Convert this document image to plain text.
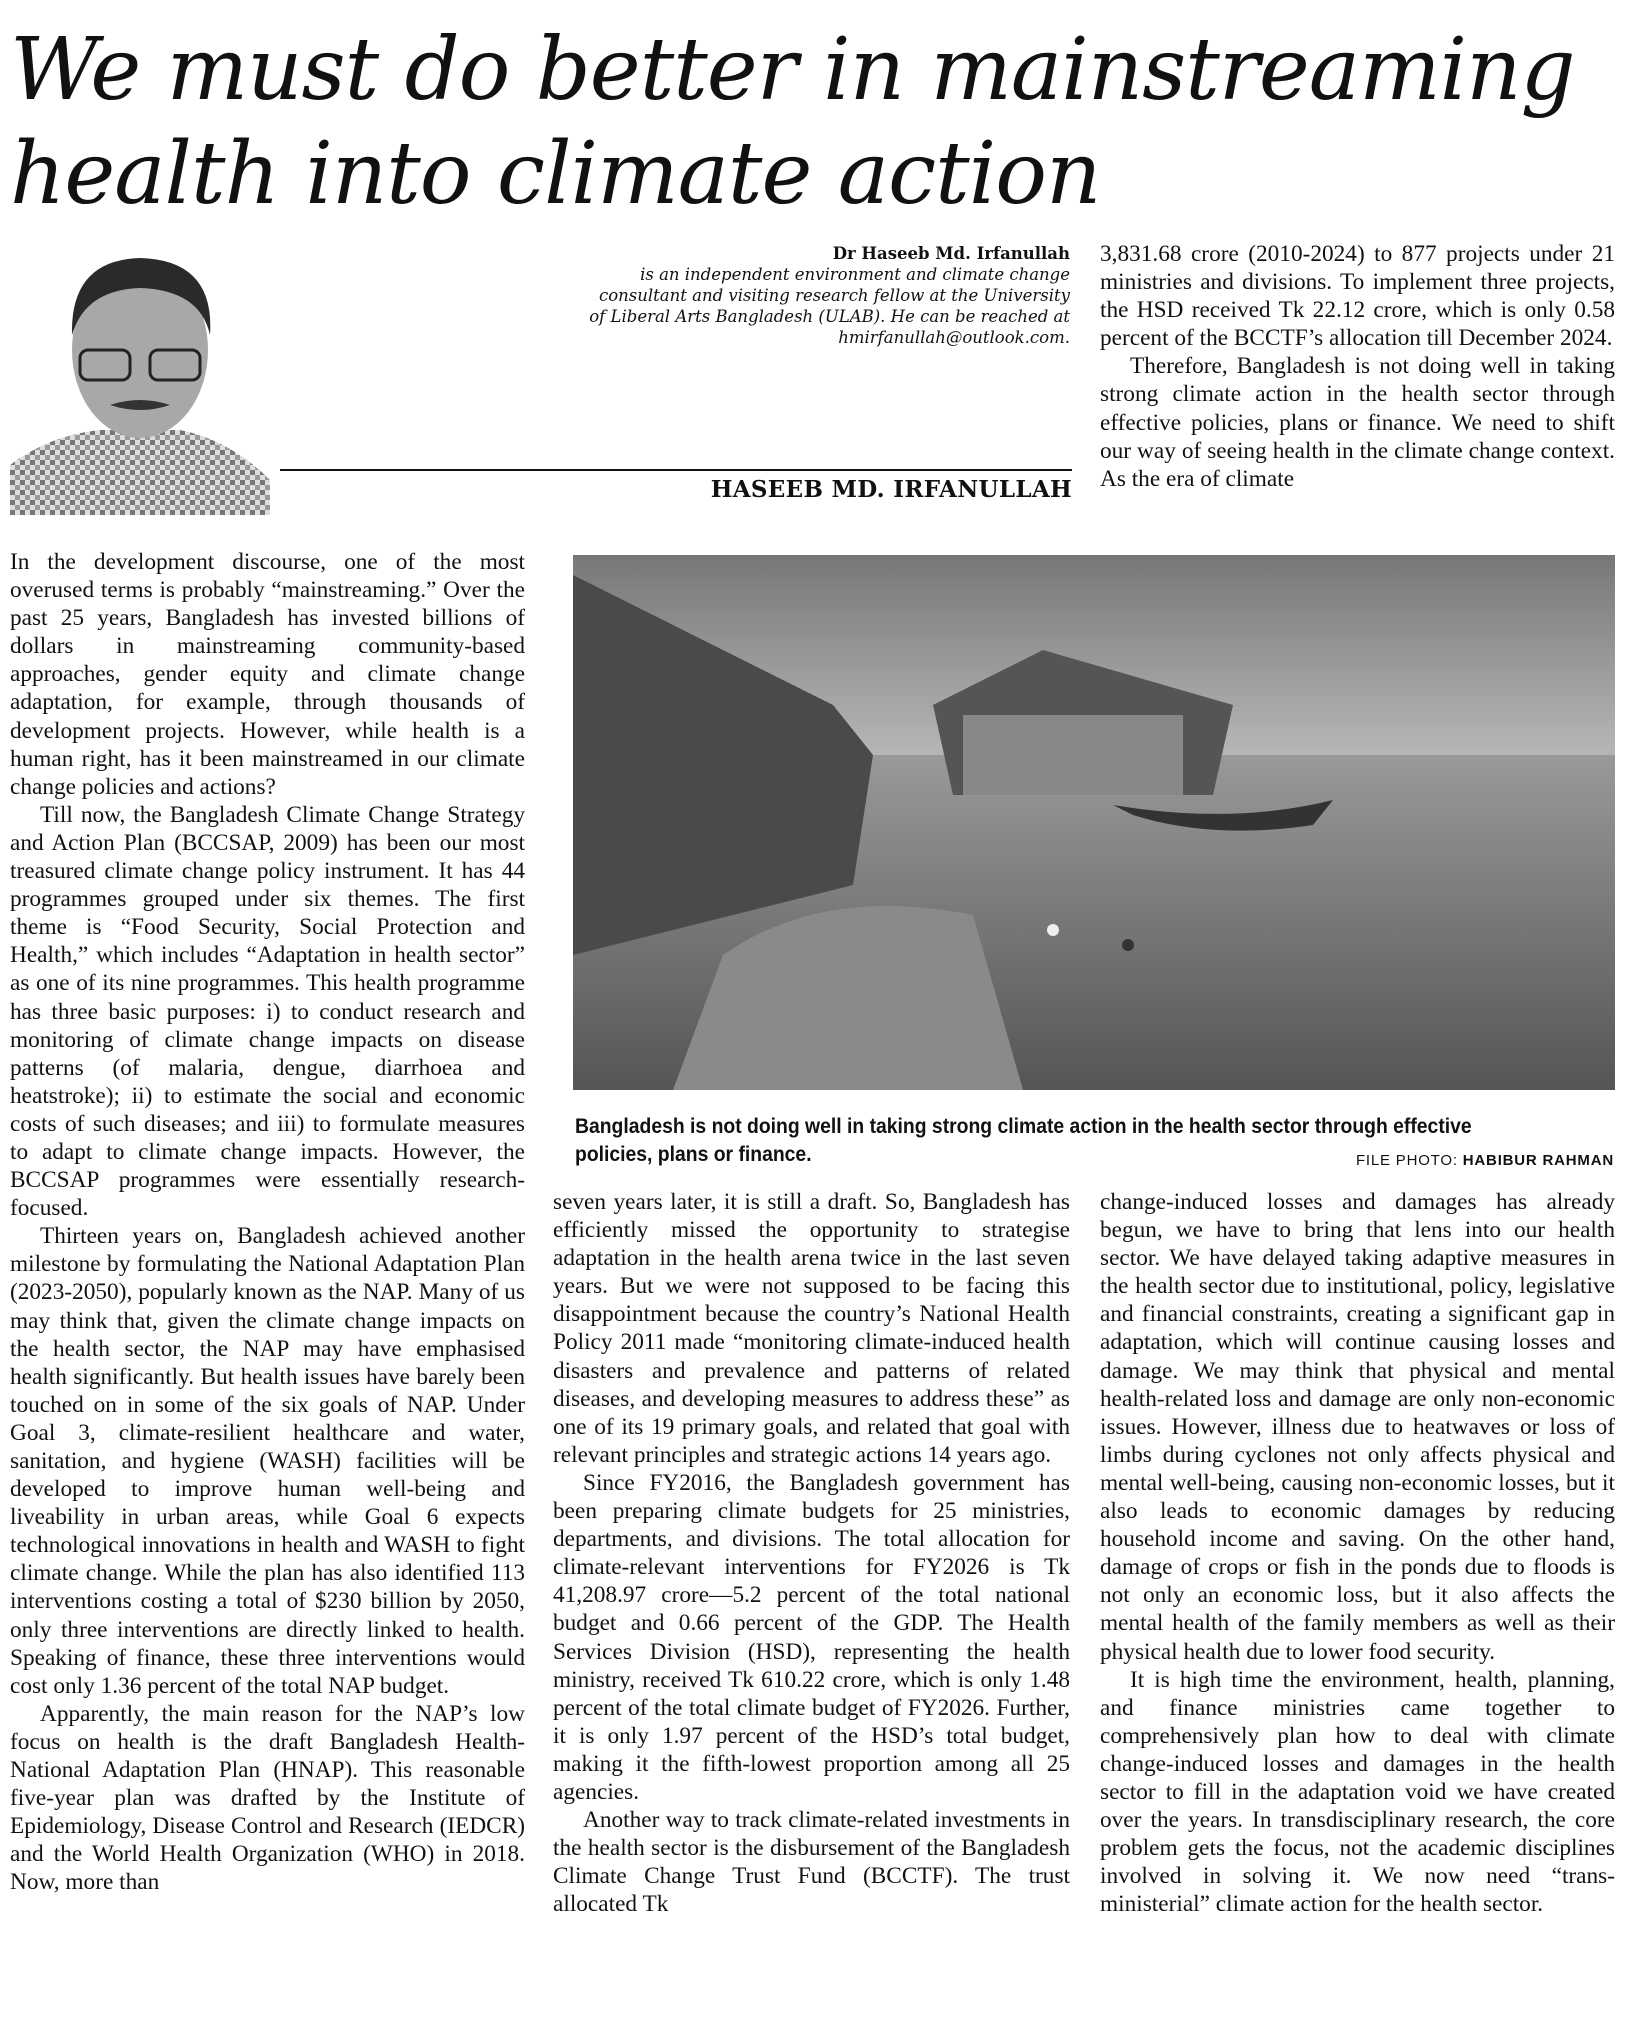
We must do better in mainstreaming health into climate action
Dr Haseeb Md. Irfanullah
is an independent environment and climate change consultant and visiting research fellow at the University of Liberal Arts Bangladesh (ULAB). He can be reached at hmirfanullah@outlook.com.
HASEEB MD. IRFANULLAH

3,831.68 crore (2010-2024) to 877 projects under 21 ministries and divisions. To implement three projects, the HSD received Tk 22.12 crore, which is only 0.58 percent of the BCCTF’s allocation till December 2024.

Therefore, Bangladesh is not doing well in taking strong climate action in the health sector through effective policies, plans or finance. We need to shift our way of seeing health in the climate change context. As the era of climate

Bangladesh is not doing well in taking strong climate action in the health sector through effective policies, plans or finance.	FILE PHOTO: HABIBUR RAHMAN

In the development discourse, one of the most overused terms is probably “mainstreaming.” Over the past 25 years, Bangladesh has invested billions of dollars in mainstreaming community-based approaches, gender equity and climate change adaptation, for example, through thousands of development projects. However, while health is a human right, has it been mainstreamed in our climate change policies and actions?

Till now, the Bangladesh Climate Change Strategy and Action Plan (BCCSAP, 2009) has been our most treasured climate change policy instrument. It has 44 programmes grouped under six themes. The first theme is “Food Security, Social Protection and Health,” which includes “Adaptation in health sector” as one of its nine programmes. This health programme has three basic purposes: i) to conduct research and monitoring of climate change impacts on disease patterns (of malaria, dengue, diarrhoea and heatstroke); ii) to estimate the social and economic costs of such diseases; and iii) to formulate measures to adapt to climate change impacts. However, the BCCSAP programmes were essentially research-focused.

Thirteen years on, Bangladesh achieved another milestone by formulating the National Adaptation Plan (2023-2050), popularly known as the NAP. Many of us may think that, given the climate change impacts on the health sector, the NAP may have emphasised health significantly. But health issues have barely been touched on in some of the six goals of NAP. Under Goal 3, climate-resilient healthcare and water, sanitation, and hygiene (WASH) facilities will be developed to improve human well-being and liveability in urban areas, while Goal 6 expects technological innovations in health and WASH to fight climate change. While the plan has also identified 113 interventions costing a total of $230 billion by 2050, only three interventions are directly linked to health. Speaking of finance, these three interventions would cost only 1.36 percent of the total NAP budget.

Apparently, the main reason for the NAP’s low focus on health is the draft Bangladesh Health-National Adaptation Plan (HNAP). This reasonable five-year plan was drafted by the Institute of Epidemiology, Disease Control and Research (IEDCR) and the World Health Organization (WHO) in 2018. Now, more than

seven years later, it is still a draft. So, Bangladesh has efficiently missed the opportunity to strategise adaptation in the health arena twice in the last seven years. But we were not supposed to be facing this disappointment because the country’s National Health Policy 2011 made “monitoring climate-induced health disasters and prevalence and patterns of related diseases, and developing measures to address these” as one of its 19 primary goals, and related that goal with relevant principles and strategic actions 14 years ago.

Since FY2016, the Bangladesh government has been preparing climate budgets for 25 ministries, departments, and divisions. The total allocation for climate-relevant interventions for FY2026 is Tk 41,208.97 crore—5.2 percent of the total national budget and 0.66 percent of the GDP. The Health Services Division (HSD), representing the health ministry, received Tk 610.22 crore, which is only 1.48 percent of the total climate budget of FY2026. Further, it is only 1.97 percent of the HSD’s total budget, making it the fifth-lowest proportion among all 25 agencies.

Another way to track climate-related investments in the health sector is the disbursement of the Bangladesh Climate Change Trust Fund (BCCTF). The trust allocated Tk

change-induced losses and damages has already begun, we have to bring that lens into our health sector. We have delayed taking adaptive measures in the health sector due to institutional, policy, legislative and financial constraints, creating a significant gap in adaptation, which will continue causing losses and damage. We may think that physical and mental health-related loss and damage are only non-economic issues. However, illness due to heatwaves or loss of limbs during cyclones not only affects physical and mental well-being, causing non-economic losses, but it also leads to economic damages by reducing household income and saving. On the other hand, damage of crops or fish in the ponds due to floods is not only an economic loss, but it also affects the mental health of the family members as well as their physical health due to lower food security.

It is high time the environment, health, planning, and finance ministries came together to comprehensively plan how to deal with climate change-induced losses and damages in the health sector to fill in the adaptation void we have created over the years. In transdisciplinary research, the core problem gets the focus, not the academic disciplines involved in solving it. We now need “trans-ministerial” climate action for the health sector.
